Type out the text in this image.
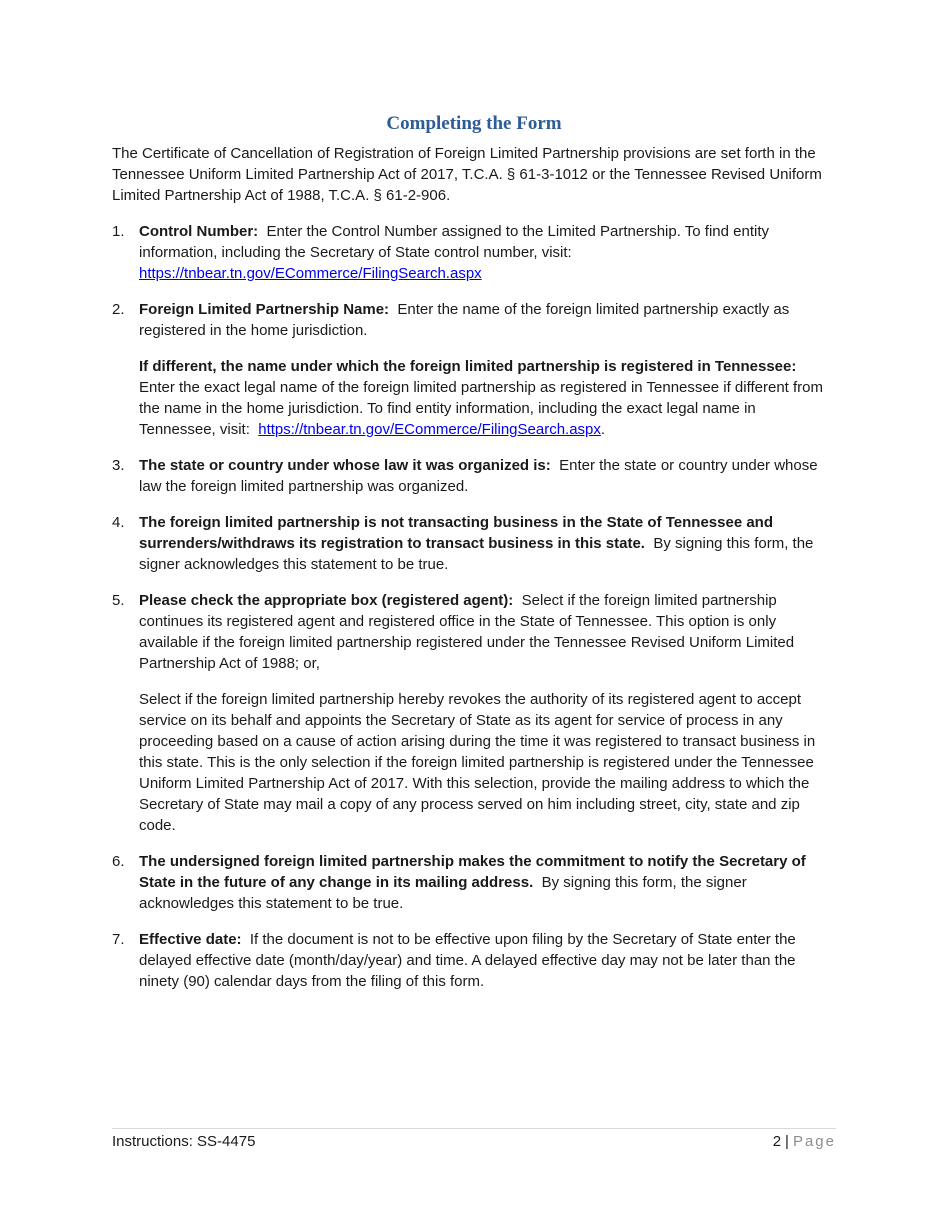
Completing the Form

The Certificate of Cancellation of Registration of Foreign Limited Partnership provisions are set forth in the Tennessee Uniform Limited Partnership Act of 2017, T.C.A. § 61-3-1012 or the Tennessee Revised Uniform Limited Partnership Act of 1988, T.C.A. § 61-2-906.

1. Control Number: Enter the Control Number assigned to the Limited Partnership. To find entity information, including the Secretary of State control number, visit:
https://tnbear.tn.gov/ECommerce/FilingSearch.aspx
2. Foreign Limited Partnership Name: Enter the name of the foreign limited partnership exactly as registered in the home jurisdiction.
If different, the name under which the foreign limited partnership is registered in Tennessee:
Enter the exact legal name of the foreign limited partnership as registered in Tennessee if different from the name in the home jurisdiction. To find entity information, including the exact legal name in Tennessee, visit: https://tnbear.tn.gov/ECommerce/FilingSearch.aspx.
3. The state or country under whose law it was organized is: Enter the state or country under whose law the foreign limited partnership was organized.
4. The foreign limited partnership is not transacting business in the State of Tennessee and surrenders/withdraws its registration to transact business in this state. By signing this form, the signer acknowledges this statement to be true.
5. Please check the appropriate box (registered agent): Select if the foreign limited partnership continues its registered agent and registered office in the State of Tennessee. This option is only available if the foreign limited partnership registered under the Tennessee Revised Uniform Limited Partnership Act of 1988; or,
Select if the foreign limited partnership hereby revokes the authority of its registered agent to accept service on its behalf and appoints the Secretary of State as its agent for service of process in any proceeding based on a cause of action arising during the time it was registered to transact business in this state. This is the only selection if the foreign limited partnership is registered under the Tennessee Uniform Limited Partnership Act of 2017. With this selection, provide the mailing address to which the Secretary of State may mail a copy of any process served on him including street, city, state and zip code.
6. The undersigned foreign limited partnership makes the commitment to notify the Secretary of State in the future of any change in its mailing address. By signing this form, the signer acknowledges this statement to be true.
7. Effective date: If the document is not to be effective upon filing by the Secretary of State enter the delayed effective date (month/day/year) and time. A delayed effective day may not be later than the ninety (90) calendar days from the filing of this form.
Instructions: SS-4475	2 | Page
